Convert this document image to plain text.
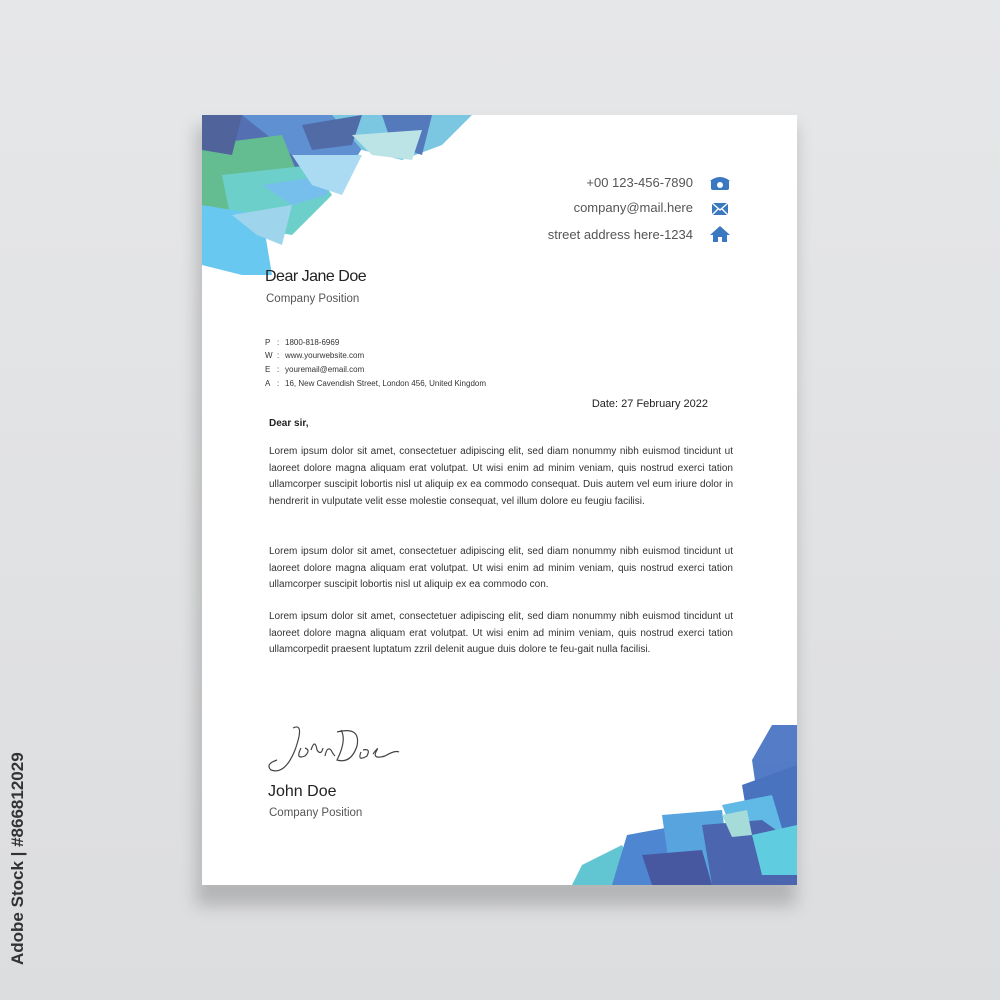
+00 123-456-7890
company@mail.here
street address here-1234
Dear Jane Doe
Company Position
P : 1800-818-6969
W : www.yourwebsite.com
E : youremail@email.com
A : 16, New Cavendish Street, London 456, United Kingdom
Date: 27 February 2022
Dear sir,
Lorem ipsum dolor sit amet, consectetuer adipiscing elit, sed diam nonummy nibh euismod tincidunt ut laoreet dolore magna aliquam erat volutpat. Ut wisi enim ad minim veniam, quis nostrud exerci tation ullamcorper suscipit lobortis nisl ut aliquip ex ea commodo consequat. Duis autem vel eum iriure dolor in hendrerit in vulputate velit esse molestie consequat, vel illum dolore eu feugiu facilisi.
Lorem ipsum dolor sit amet, consectetuer adipiscing elit, sed diam nonummy nibh euismod tincidunt ut laoreet dolore magna aliquam erat volutpat. Ut wisi enim ad minim veniam, quis nostrud exerci tation ullamcorper suscipit lobortis nisl ut aliquip ex ea commodo con.
Lorem ipsum dolor sit amet, consectetuer adipiscing elit, sed diam nonummy nibh euismod tincidunt ut laoreet dolore magna aliquam erat volutpat. Ut wisi enim ad minim veniam, quis nostrud exerci tation ullamcorpedit praesent luptatum zzril delenit augue duis dolore te feu-gait nulla facilisi.
John Doe
Company Position
Adobe Stock | #866812029
